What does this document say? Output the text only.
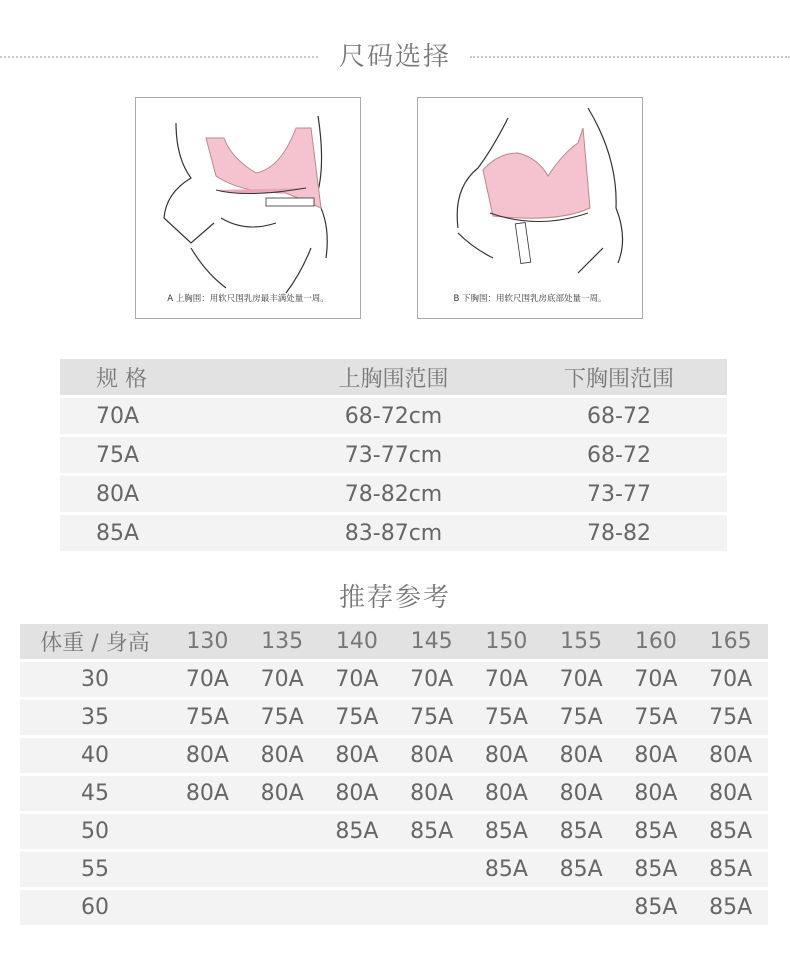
尺码选择
A 上胸围：用软尺围乳房最丰满处量一周。	B 下胸围：用软尺围乳房底部处量一周。
规 格	上胸围范围	下胸围范围
70A	68-72cm	68-72
75A	73-77cm	68-72
80A	78-82cm	73-77
85A	83-87cm	78-82
推荐参考
体重 / 身高	130	135	140	145	150	155	160	165
30	70A	70A	70A	70A	70A	70A	70A	70A
35	75A	75A	75A	75A	75A	75A	75A	75A
40	80A	80A	80A	80A	80A	80A	80A	80A
45	80A	80A	80A	80A	80A	80A	80A	80A
50			85A	85A	85A	85A	85A	85A
55					85A	85A	85A	85A
60							85A	85A
